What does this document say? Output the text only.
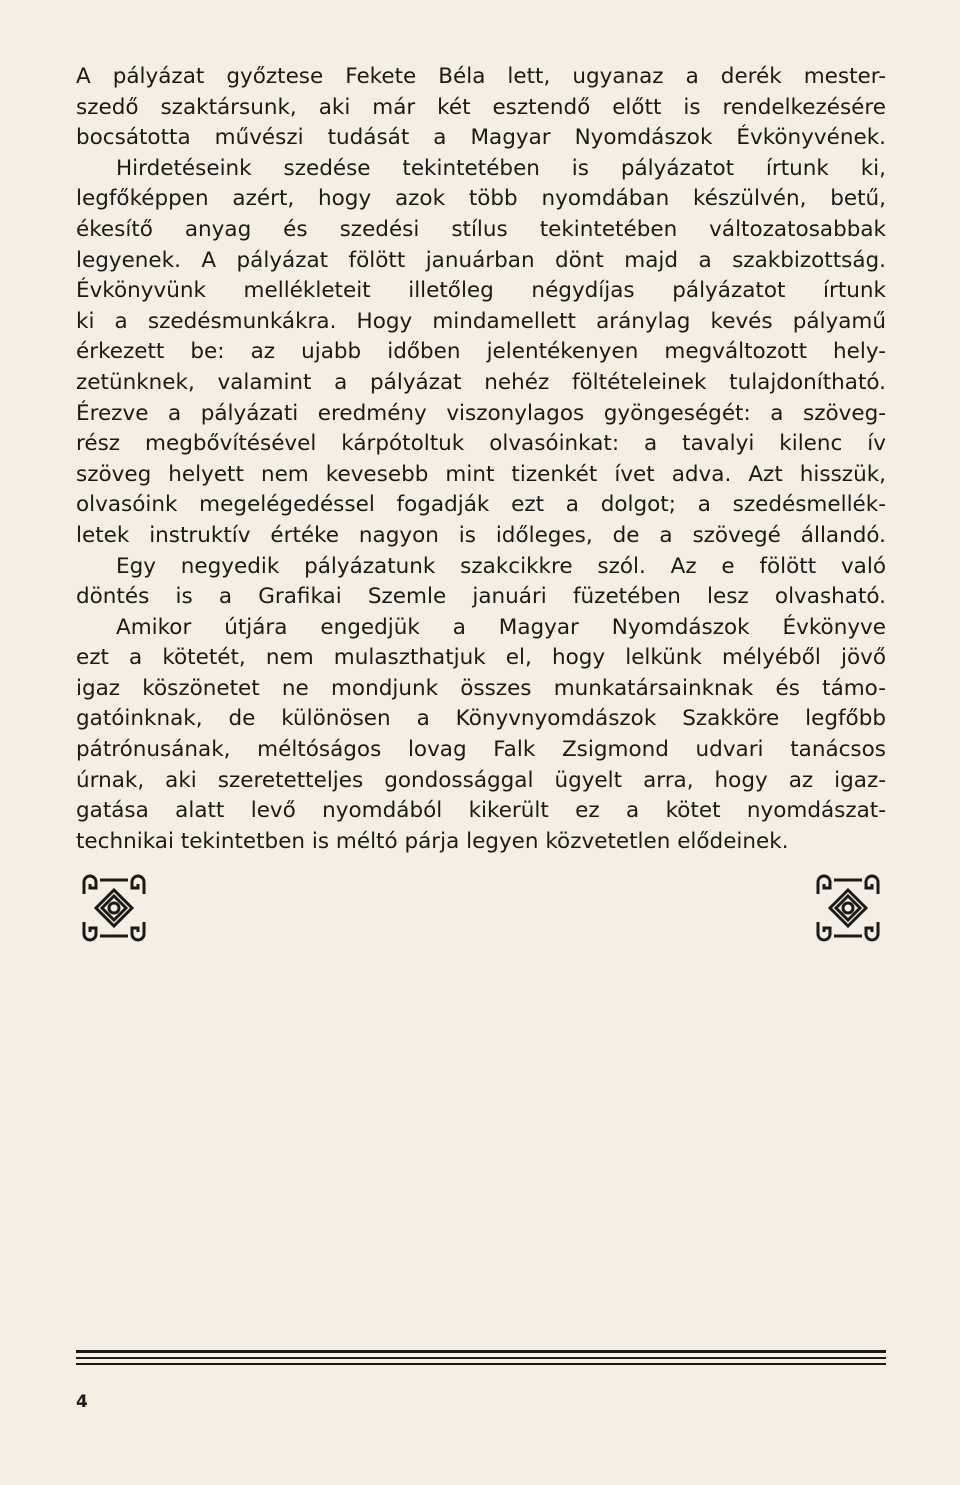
A pályázat győztese Fekete Béla lett, ugyanaz a derék mester-
szedő szaktársunk, aki már két esztendő előtt is rendelkezésére
bocsátotta művészi tudását a Magyar Nyomdászok Évkönyvének.
Hirdetéseink szedése tekintetében is pályázatot írtunk ki,
legfőképpen azért, hogy azok több nyomdában készülvén, betű,
ékesítő anyag és szedési stílus tekintetében változatosabbak
legyenek. A pályázat fölött januárban dönt majd a szakbizottság.
Évkönyvünk mellékleteit illetőleg négydíjas pályázatot írtunk
ki a szedésmunkákra. Hogy mindamellett aránylag kevés pályamű
érkezett be: az ujabb időben jelentékenyen megváltozott hely-
zetünknek, valamint a pályázat nehéz föltételeinek tulajdonítható.
Érezve a pályázati eredmény viszonylagos gyöngeségét: a szöveg-
rész megbővítésével kárpótoltuk olvasóinkat: a tavalyi kilenc ív
szöveg helyett nem kevesebb mint tizenkét ívet adva. Azt hisszük,
olvasóink megelégedéssel fogadják ezt a dolgot; a szedésmellék-
letek instruktív értéke nagyon is időleges, de a szövegé állandó.
Egy negyedik pályázatunk szakcikkre szól. Az e fölött való
döntés is a Grafikai Szemle januári füzetében lesz olvasható.
Amikor útjára engedjük a Magyar Nyomdászok Évkönyve
ezt a kötetét, nem mulaszthatjuk el, hogy lelkünk mélyéből jövő
igaz köszönetet ne mondjunk összes munkatársainknak és támo-
gatóinknak, de különösen a Könyvnyomdászok Szakköre legfőbb
pátrónusának, méltóságos lovag Falk Zsigmond udvari tanácsos
úrnak, aki szeretetteljes gondossággal ügyelt arra, hogy az igaz-
gatása alatt levő nyomdából kikerült ez a kötet nyomdászat-
technikai tekintetben is méltó párja legyen közvetetlen elődeinek.
4
